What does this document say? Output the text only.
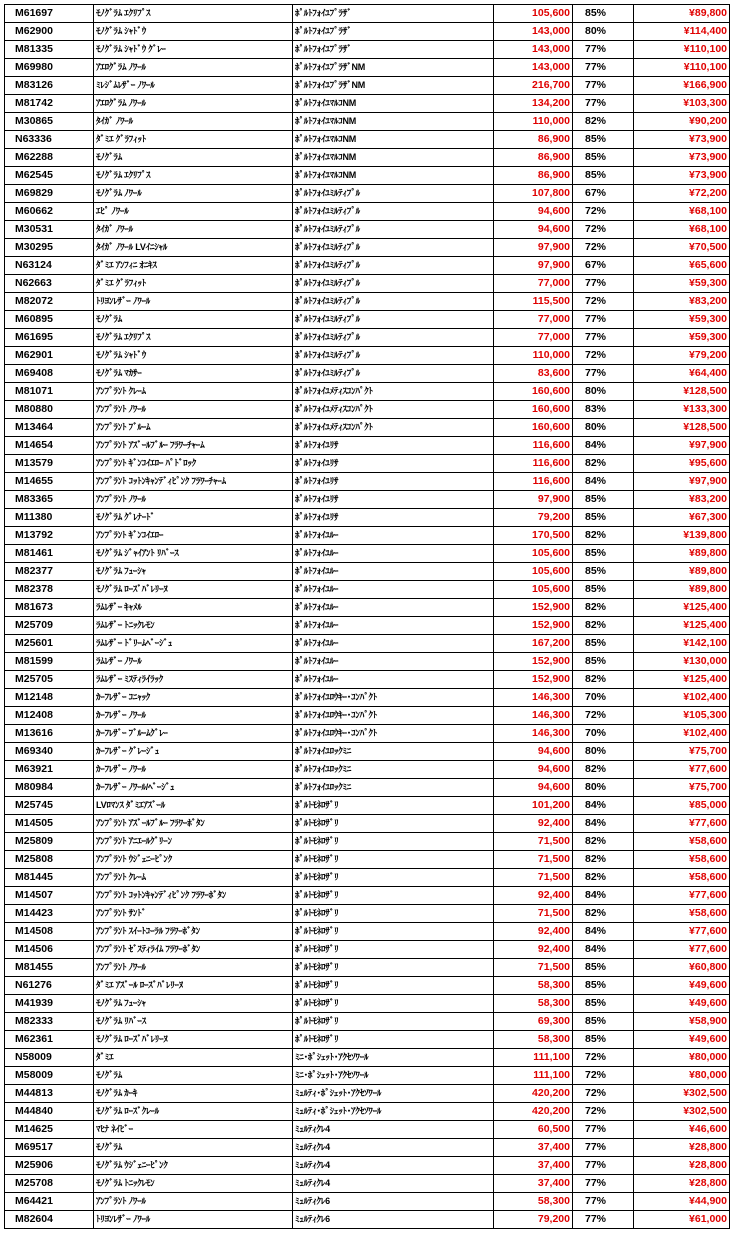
M61697	ﾓﾉｸﾞﾗﾑ ｴｸﾘﾌﾟｽ	ﾎﾟﾙﾄﾌｫｲﾕﾌﾟﾗｻﾞ	105,600	85%	¥89,800
M62900	ﾓﾉｸﾞﾗﾑ ｼｬﾄﾞｳ	ﾎﾟﾙﾄﾌｫｲﾕﾌﾟﾗｻﾞ	143,000	80%	¥114,400
M81335	ﾓﾉｸﾞﾗﾑ ｼｬﾄﾞｳ ｸﾞﾚｰ	ﾎﾟﾙﾄﾌｫｲﾕﾌﾟﾗｻﾞ	143,000	77%	¥110,100
M69980	ｱｴﾛｸﾞﾗﾑ ﾉﾜｰﾙ	ﾎﾟﾙﾄﾌｫｲﾕﾌﾟﾗｻﾞNM	143,000	77%	¥110,100
M83126	ﾐﾚｼﾞﾑﾚｻﾞｰ ﾉﾜｰﾙ	ﾎﾟﾙﾄﾌｫｲﾕﾌﾟﾗｻﾞNM	216,700	77%	¥166,900
M81742	ｱｴﾛｸﾞﾗﾑ ﾉﾜｰﾙ	ﾎﾟﾙﾄﾌｫｲﾕﾏﾙｺNM	134,200	77%	¥103,300
M30865	ﾀｲｶﾞ ﾉﾜｰﾙ	ﾎﾟﾙﾄﾌｫｲﾕﾏﾙｺNM	110,000	82%	¥90,200
N63336	ﾀﾞﾐｴ ｸﾞﾗﾌｨｯﾄ	ﾎﾟﾙﾄﾌｫｲﾕﾏﾙｺNM	86,900	85%	¥73,900
M62288	ﾓﾉｸﾞﾗﾑ	ﾎﾟﾙﾄﾌｫｲﾕﾏﾙｺNM	86,900	85%	¥73,900
M62545	ﾓﾉｸﾞﾗﾑ ｴｸﾘﾌﾟｽ	ﾎﾟﾙﾄﾌｫｲﾕﾏﾙｺNM	86,900	85%	¥73,900
M69829	ﾓﾉｸﾞﾗﾑ ﾉﾜｰﾙ	ﾎﾟﾙﾄﾌｫｲﾕﾐﾙﾃｨﾌﾟﾙ	107,800	67%	¥72,200
M60662	ｴﾋﾟ ﾉﾜｰﾙ	ﾎﾟﾙﾄﾌｫｲﾕﾐﾙﾃｨﾌﾟﾙ	94,600	72%	¥68,100
M30531	ﾀｲｶﾞ ﾉﾜｰﾙ	ﾎﾟﾙﾄﾌｫｲﾕﾐﾙﾃｨﾌﾟﾙ	94,600	72%	¥68,100
M30295	ﾀｲｶﾞ ﾉﾜｰﾙ LVｲﾆｼｬﾙ	ﾎﾟﾙﾄﾌｫｲﾕﾐﾙﾃｨﾌﾟﾙ	97,900	72%	¥70,500
N63124	ﾀﾞﾐｴ ｱﾝﾌｨﾆ ｵﾆｷｽ	ﾎﾟﾙﾄﾌｫｲﾕﾐﾙﾃｨﾌﾟﾙ	97,900	67%	¥65,600
N62663	ﾀﾞﾐｴ ｸﾞﾗﾌｨｯﾄ	ﾎﾟﾙﾄﾌｫｲﾕﾐﾙﾃｨﾌﾟﾙ	77,000	77%	¥59,300
M82072	ﾄﾘﾖﾝﾚｻﾞｰ ﾉﾜｰﾙ	ﾎﾟﾙﾄﾌｫｲﾕﾐﾙﾃｨﾌﾟﾙ	115,500	72%	¥83,200
M60895	ﾓﾉｸﾞﾗﾑ	ﾎﾟﾙﾄﾌｫｲﾕﾐﾙﾃｨﾌﾟﾙ	77,000	77%	¥59,300
M61695	ﾓﾉｸﾞﾗﾑ ｴｸﾘﾌﾟｽ	ﾎﾟﾙﾄﾌｫｲﾕﾐﾙﾃｨﾌﾟﾙ	77,000	77%	¥59,300
M62901	ﾓﾉｸﾞﾗﾑ ｼｬﾄﾞｳ	ﾎﾟﾙﾄﾌｫｲﾕﾐﾙﾃｨﾌﾟﾙ	110,000	72%	¥79,200
M69408	ﾓﾉｸﾞﾗﾑ ﾏｶｻｰ	ﾎﾟﾙﾄﾌｫｲﾕﾐﾙﾃｨﾌﾟﾙ	83,600	77%	¥64,400
M81071	ｱﾝﾌﾟﾗﾝﾄ ｸﾚｰﾑ	ﾎﾟﾙﾄﾌｫｲﾕﾒﾃｨｽｺﾝﾊﾟｸﾄ	160,600	80%	¥128,500
M80880	ｱﾝﾌﾟﾗﾝﾄ ﾉﾜｰﾙ	ﾎﾟﾙﾄﾌｫｲﾕﾒﾃｨｽｺﾝﾊﾟｸﾄ	160,600	83%	¥133,300
M13464	ｱﾝﾌﾟﾗﾝﾄ ﾌﾞﾙｰﾑ	ﾎﾟﾙﾄﾌｫｲﾕﾒﾃｨｽｺﾝﾊﾟｸﾄ	160,600	80%	¥128,500
M14654	ｱﾝﾌﾟﾗﾝﾄ ｱｽﾞｰﾙﾌﾞﾙｰ ﾌﾗﾜｰﾁｬｰﾑ	ﾎﾟﾙﾄﾌｫｲﾕﾘｻ	116,600	84%	¥97,900
M13579	ｱﾝﾌﾟﾗﾝﾄ ｷﾞﾝｺｲｴﾛｰ ﾊﾟﾄﾞﾛｯｸ	ﾎﾟﾙﾄﾌｫｲﾕﾘｻ	116,600	82%	¥95,600
M14655	ｱﾝﾌﾟﾗﾝﾄ ｺｯﾄﾝｷｬﾝﾃﾞｨﾋﾟﾝｸ ﾌﾗﾜｰﾁｬｰﾑ	ﾎﾟﾙﾄﾌｫｲﾕﾘｻ	116,600	84%	¥97,900
M83365	ｱﾝﾌﾟﾗﾝﾄ ﾉﾜｰﾙ	ﾎﾟﾙﾄﾌｫｲﾕﾘｻ	97,900	85%	¥83,200
M11380	ﾓﾉｸﾞﾗﾑ ｸﾞﾚﾅｰﾄﾞ	ﾎﾟﾙﾄﾌｫｲﾕﾘｻ	79,200	85%	¥67,300
M13792	ｱﾝﾌﾟﾗﾝﾄ ｷﾞﾝｺｲｴﾛｰ	ﾎﾟﾙﾄﾌｫｲﾕﾙｰ	170,500	82%	¥139,800
M81461	ﾓﾉｸﾞﾗﾑ ｼﾞｬｲｱﾝﾄ ﾘﾊﾞｰｽ	ﾎﾟﾙﾄﾌｫｲﾕﾙｰ	105,600	85%	¥89,800
M82377	ﾓﾉｸﾞﾗﾑ ﾌｭｰｼｬ	ﾎﾟﾙﾄﾌｫｲﾕﾙｰ	105,600	85%	¥89,800
M82378	ﾓﾉｸﾞﾗﾑ ﾛｰｽﾞﾊﾞﾚﾘｰﾇ	ﾎﾟﾙﾄﾌｫｲﾕﾙｰ	105,600	85%	¥89,800
M81673	ﾗﾑﾚｻﾞｰ ｷｬﾒﾙ	ﾎﾟﾙﾄﾌｫｲﾕﾙｰ	152,900	82%	¥125,400
M25709	ﾗﾑﾚｻﾞｰ ﾄﾆｯｸﾚﾓﾝ	ﾎﾟﾙﾄﾌｫｲﾕﾙｰ	152,900	82%	¥125,400
M25601	ﾗﾑﾚｻﾞｰ ﾄﾞﾘｰﾑﾍﾞｰｼﾞｭ	ﾎﾟﾙﾄﾌｫｲﾕﾙｰ	167,200	85%	¥142,100
M81599	ﾗﾑﾚｻﾞｰ ﾉﾜｰﾙ	ﾎﾟﾙﾄﾌｫｲﾕﾙｰ	152,900	85%	¥130,000
M25705	ﾗﾑﾚｻﾞｰ ﾐｽﾃｨﾗｲﾗｯｸ	ﾎﾟﾙﾄﾌｫｲﾕﾙｰ	152,900	82%	¥125,400
M12148	ｶｰﾌﾚｻﾞｰ ｺﾆｬｯｸ	ﾎﾟﾙﾄﾌｫｲﾕﾛｳｷｰ･ｺﾝﾊﾟｸﾄ	146,300	70%	¥102,400
M12408	ｶｰﾌﾚｻﾞｰ ﾉﾜｰﾙ	ﾎﾟﾙﾄﾌｫｲﾕﾛｳｷｰ･ｺﾝﾊﾟｸﾄ	146,300	72%	¥105,300
M13616	ｶｰﾌﾚｻﾞｰ ﾌﾞﾙｰﾑｸﾞﾚｰ	ﾎﾟﾙﾄﾌｫｲﾕﾛｳｷｰ･ｺﾝﾊﾟｸﾄ	146,300	70%	¥102,400
M69340	ｶｰﾌﾚｻﾞｰ ｸﾞﾚｰｼﾞｭ	ﾎﾟﾙﾄﾌｫｲﾕﾛｯｸﾐﾆ	94,600	80%	¥75,700
M63921	ｶｰﾌﾚｻﾞｰ ﾉﾜｰﾙ	ﾎﾟﾙﾄﾌｫｲﾕﾛｯｸﾐﾆ	94,600	82%	¥77,600
M80984	ｶｰﾌﾚｻﾞｰ ﾉﾜｰﾙ/ﾍﾞｰｼﾞｭ	ﾎﾟﾙﾄﾌｫｲﾕﾛｯｸﾐﾆ	94,600	80%	¥75,700
M25745	LVﾛﾏﾝｽ ﾀﾞﾐｴｱｽﾞｰﾙ	ﾎﾟﾙﾄﾓﾈﾛｻﾞﾘ	101,200	84%	¥85,000
M14505	ｱﾝﾌﾟﾗﾝﾄ ｱｽﾞｰﾙﾌﾞﾙｰ ﾌﾗﾜｰﾎﾞﾀﾝ	ﾎﾟﾙﾄﾓﾈﾛｻﾞﾘ	92,400	84%	¥77,600
M25809	ｱﾝﾌﾟﾗﾝﾄ ｱﾆｴｰﾙｸﾞﾘｰﾝ	ﾎﾟﾙﾄﾓﾈﾛｻﾞﾘ	71,500	82%	¥58,600
M25808	ｱﾝﾌﾟﾗﾝﾄ ｳｼﾞｪﾆｰﾋﾟﾝｸ	ﾎﾟﾙﾄﾓﾈﾛｻﾞﾘ	71,500	82%	¥58,600
M81445	ｱﾝﾌﾟﾗﾝﾄ ｸﾚｰﾑ	ﾎﾟﾙﾄﾓﾈﾛｻﾞﾘ	71,500	82%	¥58,600
M14507	ｱﾝﾌﾟﾗﾝﾄ ｺｯﾄﾝｷｬﾝﾃﾞｨﾋﾟﾝｸ ﾌﾗﾜｰﾎﾞﾀﾝ	ﾎﾟﾙﾄﾓﾈﾛｻﾞﾘ	92,400	84%	¥77,600
M14423	ｱﾝﾌﾟﾗﾝﾄ ｻﾝﾄﾞ	ﾎﾟﾙﾄﾓﾈﾛｻﾞﾘ	71,500	82%	¥58,600
M14508	ｱﾝﾌﾟﾗﾝﾄ ｽｲｰﾄｺｰﾗﾙ ﾌﾗﾜｰﾎﾞﾀﾝ	ﾎﾟﾙﾄﾓﾈﾛｻﾞﾘ	92,400	84%	¥77,600
M14506	ｱﾝﾌﾟﾗﾝﾄ ｾﾞｽﾃｨﾗｲﾑ ﾌﾗﾜｰﾎﾞﾀﾝ	ﾎﾟﾙﾄﾓﾈﾛｻﾞﾘ	92,400	84%	¥77,600
M81455	ｱﾝﾌﾟﾗﾝﾄ ﾉﾜｰﾙ	ﾎﾟﾙﾄﾓﾈﾛｻﾞﾘ	71,500	85%	¥60,800
N61276	ﾀﾞﾐｴ ｱｽﾞｰﾙ ﾛｰｽﾞﾊﾞﾚﾘｰﾇ	ﾎﾟﾙﾄﾓﾈﾛｻﾞﾘ	58,300	85%	¥49,600
M41939	ﾓﾉｸﾞﾗﾑ ﾌｭｰｼｬ	ﾎﾟﾙﾄﾓﾈﾛｻﾞﾘ	58,300	85%	¥49,600
M82333	ﾓﾉｸﾞﾗﾑ ﾘﾊﾞｰｽ	ﾎﾟﾙﾄﾓﾈﾛｻﾞﾘ	69,300	85%	¥58,900
M62361	ﾓﾉｸﾞﾗﾑ ﾛｰｽﾞﾊﾞﾚﾘｰﾇ	ﾎﾟﾙﾄﾓﾈﾛｻﾞﾘ	58,300	85%	¥49,600
N58009	ﾀﾞﾐｴ	ﾐﾆ･ﾎﾟｼｪｯﾄ･ｱｸｾｿﾜｰﾙ	111,100	72%	¥80,000
M58009	ﾓﾉｸﾞﾗﾑ	ﾐﾆ･ﾎﾟｼｪｯﾄ･ｱｸｾｿﾜｰﾙ	111,100	72%	¥80,000
M44813	ﾓﾉｸﾞﾗﾑ ｶｰｷ	ﾐｭﾙﾃｨ･ﾎﾟｼｪｯﾄ･ｱｸｾｿﾜｰﾙ	420,200	72%	¥302,500
M44840	ﾓﾉｸﾞﾗﾑ ﾛｰｽﾞｸﾚｰﾙ	ﾐｭﾙﾃｨ･ﾎﾟｼｪｯﾄ･ｱｸｾｿﾜｰﾙ	420,200	72%	¥302,500
M14625	ﾏﾋﾅ ﾈｲﾋﾞｰ	ﾐｭﾙﾃｨｸﾚ4	60,500	77%	¥46,600
M69517	ﾓﾉｸﾞﾗﾑ	ﾐｭﾙﾃｨｸﾚ4	37,400	77%	¥28,800
M25906	ﾓﾉｸﾞﾗﾑ ｳｼﾞｪﾆｰﾋﾟﾝｸ	ﾐｭﾙﾃｨｸﾚ4	37,400	77%	¥28,800
M25708	ﾓﾉｸﾞﾗﾑ ﾄﾆｯｸﾚﾓﾝ	ﾐｭﾙﾃｨｸﾚ4	37,400	77%	¥28,800
M64421	ｱﾝﾌﾟﾗﾝﾄ ﾉﾜｰﾙ	ﾐｭﾙﾃｨｸﾚ6	58,300	77%	¥44,900
M82604	ﾄﾘﾖﾝﾚｻﾞｰ ﾉﾜｰﾙ	ﾐｭﾙﾃｨｸﾚ6	79,200	77%	¥61,000
